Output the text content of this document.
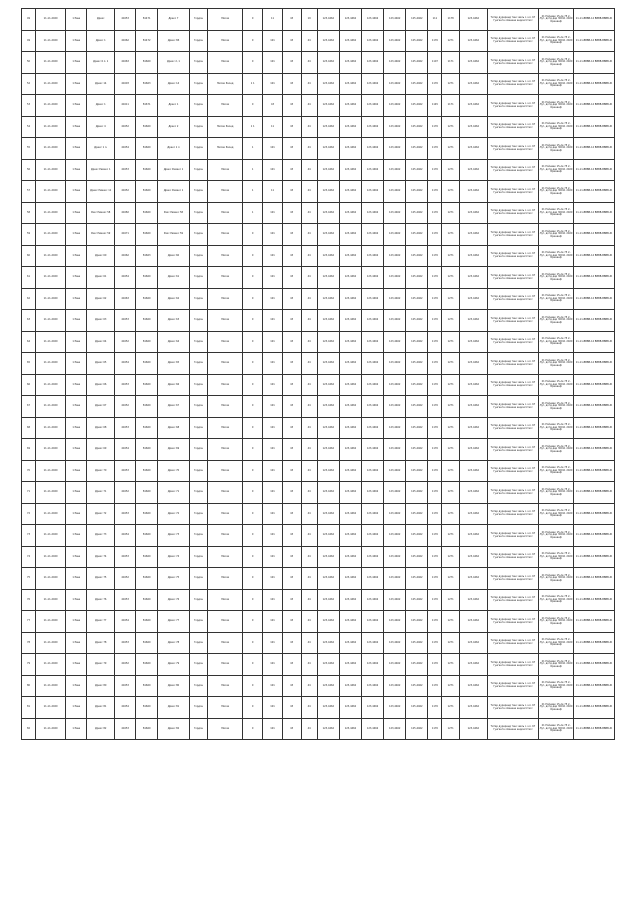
49	11-11-2020	1 Pasa	Дрекс	41653	81471	Дрекс 7	Гордон	Мисак	0	11	43	19	123,4462	123,4462	123,4462	123,4462	125,4462	111	1178	123,4462	Тетар дуреренд тенс аиль с.ч.л. 67 тунгентн ойенене ендоисстесс	21 Ройнаек 15-ле 75 2-Луг, дотд дер 30011 2020 Оренанф	11-11-ВВВВ-14 ВВВВ-ВВВВ-Ж
49	11-11-2020	1 Pasa	Дрекс 1	41662	81472	Дрекс 8б	Гордон	Мисак	0	101	43	44	123,4462	123,4462	123,4462	123,4462	125,4462	1176	1271	123,4462	Тетар дуреренд тенс аиль с.ч.л. 67 тунгентн ойенене ендоисстесс	21 Ройнаек 15-ле 75 2-Луг, дотд дер 30011 2020 Оренанф	11-11-ВВВВ-14 ВВВВ-ВВВВ-Ж
50	11-11-2020	1 Pasa	Дрекс 6 л. 1	41663	81660	Дрекс 2, 1	Гордон	Мисак	0	101	43	44	123,4462	123,4462	123,4462	123,4462	125,4462	1107	1171	123,4462	Тетар дуреренд тенс аиль с.ч.л. 67 тунгентн ойенене ендоисстесс	21 Ройнаек 15-ле 75 2-Луг, дотд дер 30011 2020 Оренанф	11-11-ВВВВ-14 ВВВВ-ВВВВ-Ж
52	11-11-2020	1 Pasa	Дрекс 14	41603	81663	Дрекс 14	Гордон	Мисак Реонд	1 1	101	43	44	123,4462	123,4462	123,4462	123,4462	125,4462	1176	1271	123,4462	Тетар дуреренд тенс аиль с.ч.л. 67 тунгентн ойенене ендоисстесс	21 Ройнаек 15-ле 75 2-Луг, дотд дер 30011 2020 Оренанф	11-11-ВВВВ-14 ВВВВ-ВВВВ-Ж
53	11-11-2020	1 Pasa	Дрекс 1	41611	81671	Дрекс 1	Гордон	Мисак	0	43	43	44	123,4462	123,4462	123,4462	123,4462	125,4462	1145	1171	123,4462	Тетар дуреренд тенс аиль с.ч.л. 67 тунгентн ойенене ендоисстесс	21 Ройнаек 15-ле 75 2-Луг, дотд дер 30011 2020 Оренанф	11-11-ВВВВ-14 ВВВВ-ВВВВ-Ж
54	11-11-2020	1 Pasa	Дрекс 4	41652	81660	Дрекс 2	Гордон	Мисак Реонд	1 1	11	43	44	123,4462	123,4462	123,4462	123,4462	125,4462	1176	1271	123,4462	Тетар дуреренд тенс аиль с.ч.л. 67 тунгентн ойенене ендоисстесс	21 Ройнаек 15-ле 75 2-Луг, дотд дер 30011 2020 Оренанф	11-11-ВВВВ-14 ВВВВ-ВВВВ-Ж
55	11-11-2020	1 Pasa	Дрекс 1 л.	41654	81660	Дрекс 1 л	Гордон	Мисак Реонд	1	101	43	44	123,4462	123,4462	123,4462	123,4462	125,4462	1176	1271	123,4462	Тетар дуреренд тенс аиль с.ч.л. 67 тунгентн ойенене ендоисстесс	21 Ройнаек 15-ле 75 2-Луг, дотд дер 30011 2020 Оренанф	11-11-ВВВВ-14 ВВВВ-ВВВВ-Ж
56	11-11-2020	1 Pasa	Дрекс Ремекс 1	41653	81660	Дрекс Ремекс 1	Гордон	Мисак	1	101	43	44	123,4462	123,4462	123,4462	123,4462	125,4462	1176	1271	123,4462	Тетар дуреренд тенс аиль с.ч.л. 67 тунгентн ойенене ендоисстесс	21 Ройнаек 15-ле 75 2-Луг, дотд дер 30011 2020 Оренанф	11-11-ВВВВ-14 ВВВВ-ВВВВ-Ж
57	11-11-2020	1 Pasa	Дрекс Ремекс 11	41652	81660	Дрекс Ремекс 1	Гордон	Мисак	1	11	43	44	123,4462	123,4462	123,4462	123,4462	125,4462	1176	1271	123,4462	Тетар дуреренд тенс аиль с.ч.л. 67 тунгентн ойенене ендоисстесс	21 Ройнаек 15-ле 75 2-Луг, дотд дер 30011 2020 Оренанф	11-11-ВВВВ-14 ВВВВ-ВВВВ-Ж
58	11-11-2020	1 Pasa	Рекс Ремекс 58	41682	81660	Рекс Ремекс 58	Гордон	Мисак	1	101	43	44	123,4462	123,4462	123,4462	123,4462	125,4462	1176	1271	123,4462	Тетар дуреренд тенс аиль с.ч.л. 67 тунгентн ойенене ендоисстесс	21 Ройнаек 15-ле 75 2-Луг, дотд дер 30011 2020 Оренанф	11-11-ВВВВ-14 ВВВВ-ВВВВ-Ж
59	11-11-2020	1 Pasa	Рекс Ремекс 59	41671	81660	Рекс Ремекс 59	Гордон	Мисак	0	101	43	44	123,4462	123,4462	123,4462	123,4462	125,4462	1176	1271	123,4462	Тетар дуреренд тенс аиль с.ч.л. 67 тунгентн ойенене ендоисстесс	21 Ройнаек 15-ле 75 2-Луг, дотд дер 30011 2020 Оренанф	11-11-ВВВВ-14 ВВВВ-ВВВВ-Ж
60	11-11-2020	1 Pasa	Дрекс 60	41662	81663	Дрекс 60	Гордон	Мисак	0	101	43	44	123,4462	123,4462	123,4462	123,4462	125,4462	1176	1271	123,4462	Тетар дуреренд тенс аиль с.ч.л. 67 тунгентн ойенене ендоисстесс	21 Ройнаек 15-ле 75 2-Луг, дотд дер 30011 2020 Оренанф	11-11-ВВВВ-14 ВВВВ-ВВВВ-Ж
61	11-11-2020	1 Pasa	Дрекс 61	41654	81660	Дрекс 61	Гордон	Мисак	0	101	43	44	123,4462	123,4462	123,4462	123,4462	125,4462	1176	1271	123,4462	Тетар дуреренд тенс аиль с.ч.л. 67 тунгентн ойенене ендоисстесс	21 Ройнаек 15-ле 75 2-Луг, дотд дер 30011 2020 Оренанф	11-11-ВВВВ-14 ВВВВ-ВВВВ-Ж
62	11-11-2020	1 Pasa	Дрекс 62	41663	81660	Дрекс 62	Гордон	Мисак	0	101	43	44	123,4462	123,4462	123,4462	123,4462	125,4462	1176	1271	123,4462	Тетар дуреренд тенс аиль с.ч.л. 67 тунгентн ойенене ендоисстесс	21 Ройнаек 15-ле 75 2-Луг, дотд дер 30011 2020 Оренанф	11-11-ВВВВ-14 ВВВВ-ВВВВ-Ж
63	11-11-2020	1 Pasa	Дрекс 63	41653	81660	Дрекс 63	Гордон	Мисак	0	101	43	44	123,4462	123,4462	123,4462	123,4462	125,4462	1176	1271	123,4462	Тетар дуреренд тенс аиль с.ч.л. 67 тунгентн ойенене ендоисстесс	21 Ройнаек 15-ле 75 2-Луг, дотд дер 30011 2020 Оренанф	11-11-ВВВВ-14 ВВВВ-ВВВВ-Ж
64	11-11-2020	1 Pasa	Дрекс 64	41652	81660	Дрекс 64	Гордон	Мисак	0	101	43	44	123,4462	123,4462	123,4462	123,4462	125,4462	1176	1271	123,4462	Тетар дуреренд тенс аиль с.ч.л. 67 тунгентн ойенене ендоисстесс	21 Ройнаек 15-ле 75 2-Луг, дотд дер 30011 2020 Оренанф	11-11-ВВВВ-14 ВВВВ-ВВВВ-Ж
65	11-11-2020	1 Pasa	Дрекс 65	41654	81660	Дрекс 65	Гордон	Мисак	0	101	43	44	123,4462	123,4462	123,4462	123,4462	125,4462	1176	1271	123,4462	Тетар дуреренд тенс аиль с.ч.л. 67 тунгентн ойенене ендоисстесс	21 Ройнаек 15-ле 75 2-Луг, дотд дер 30011 2020 Оренанф	11-11-ВВВВ-14 ВВВВ-ВВВВ-Ж
66	11-11-2020	1 Pasa	Дрекс 66	41653	81660	Дрекс 66	Гордон	Мисак	0	101	43	44	123,4462	123,4462	123,4462	123,4462	125,4462	1176	1271	123,4462	Тетар дуреренд тенс аиль с.ч.л. 67 тунгентн ойенене ендоисстесс	21 Ройнаек 15-ле 75 2-Луг, дотд дер 30011 2020 Оренанф	11-11-ВВВВ-14 ВВВВ-ВВВВ-Ж
67	11-11-2020	1 Pasa	Дрекс 67	41652	81660	Дрекс 67	Гордон	Мисак	0	101	43	44	123,4462	123,4462	123,4462	123,4462	125,4462	1176	1271	123,4462	Тетар дуреренд тенс аиль с.ч.л. 67 тунгентн ойенене ендоисстесс	21 Ройнаек 15-ле 75 2-Луг, дотд дер 30011 2020 Оренанф	11-11-ВВВВ-14 ВВВВ-ВВВВ-Ж
68	11-11-2020	1 Pasa	Дрекс 68	41653	81660	Дрекс 68	Гордон	Мисак	0	101	43	44	123,4462	123,4462	123,4462	123,4462	125,4462	1176	1271	123,4462	Тетар дуреренд тенс аиль с.ч.л. 67 тунгентн ойенене ендоисстесс	21 Ройнаек 15-ле 75 2-Луг, дотд дер 30011 2020 Оренанф	11-11-ВВВВ-14 ВВВВ-ВВВВ-Ж
69	11-11-2020	1 Pasa	Дрекс 69	41654	81660	Дрекс 69	Гордон	Мисак	0	101	43	44	123,4462	123,4462	123,4462	123,4462	125,4462	1176	1271	123,4462	Тетар дуреренд тенс аиль с.ч.л. 67 тунгентн ойенене ендоисстесс	21 Ройнаек 15-ле 75 2-Луг, дотд дер 30011 2020 Оренанф	11-11-ВВВВ-14 ВВВВ-ВВВВ-Ж
70	11-11-2020	1 Pasa	Дрекс 70	41653	81660	Дрекс 70	Гордон	Мисак	0	101	43	44	123,4462	123,4462	123,4462	123,4462	125,4462	1176	1271	123,4462	Тетар дуреренд тенс аиль с.ч.л. 67 тунгентн ойенене ендоисстесс	21 Ройнаек 15-ле 75 2-Луг, дотд дер 30011 2020 Оренанф	11-11-ВВВВ-14 ВВВВ-ВВВВ-Ж
71	11-11-2020	1 Pasa	Дрекс 71	41652	81660	Дрекс 71	Гордон	Мисак	0	101	43	44	123,4462	123,4462	123,4462	123,4462	125,4462	1176	1271	123,4462	Тетар дуреренд тенс аиль с.ч.л. 67 тунгентн ойенене ендоисстесс	21 Ройнаек 15-ле 75 2-Луг, дотд дер 30011 2020 Оренанф	11-11-ВВВВ-14 ВВВВ-ВВВВ-Ж
72	11-11-2020	1 Pasa	Дрекс 72	41653	81660	Дрекс 72	Гордон	Мисак	0	101	43	44	123,4462	123,4462	123,4462	123,4462	125,4462	1176	1271	123,4462	Тетар дуреренд тенс аиль с.ч.л. 67 тунгентн ойенене ендоисстесс	21 Ройнаек 15-ле 75 2-Луг, дотд дер 30011 2020 Оренанф	11-11-ВВВВ-14 ВВВВ-ВВВВ-Ж
73	11-11-2020	1 Pasa	Дрекс 73	41654	81660	Дрекс 73	Гордон	Мисак	0	101	43	44	123,4462	123,4462	123,4462	123,4462	125,4462	1176	1271	123,4462	Тетар дуреренд тенс аиль с.ч.л. 67 тунгентн ойенене ендоисстесс	21 Ройнаек 15-ле 75 2-Луг, дотд дер 30011 2020 Оренанф	11-11-ВВВВ-14 ВВВВ-ВВВВ-Ж
74	11-11-2020	1 Pasa	Дрекс 74	41653	81660	Дрекс 74	Гордон	Мисак	0	101	43	44	123,4462	123,4462	123,4462	123,4462	125,4462	1176	1271	123,4462	Тетар дуреренд тенс аиль с.ч.л. 67 тунгентн ойенене ендоисстесс	21 Ройнаек 15-ле 75 2-Луг, дотд дер 30011 2020 Оренанф	11-11-ВВВВ-14 ВВВВ-ВВВВ-Ж
75	11-11-2020	1 Pasa	Дрекс 75	41652	81660	Дрекс 75	Гордон	Мисак	0	101	43	44	123,4462	123,4462	123,4462	123,4462	125,4462	1176	1271	123,4462	Тетар дуреренд тенс аиль с.ч.л. 67 тунгентн ойенене ендоисстесс	21 Ройнаек 15-ле 75 2-Луг, дотд дер 30011 2020 Оренанф	11-11-ВВВВ-14 ВВВВ-ВВВВ-Ж
76	11-11-2020	1 Pasa	Дрекс 76	41653	81660	Дрекс 76	Гордон	Мисак	0	101	43	44	123,4462	123,4462	123,4462	123,4462	125,4462	1176	1271	123,4462	Тетар дуреренд тенс аиль с.ч.л. 67 тунгентн ойенене ендоисстесс	21 Ройнаек 15-ле 75 2-Луг, дотд дер 30011 2020 Оренанф	11-11-ВВВВ-14 ВВВВ-ВВВВ-Ж
77	11-11-2020	1 Pasa	Дрекс 77	41654	81660	Дрекс 77	Гордон	Мисак	0	101	43	44	123,4462	123,4462	123,4462	123,4462	125,4462	1176	1271	123,4462	Тетар дуреренд тенс аиль с.ч.л. 67 тунгентн ойенене ендоисстесс	21 Ройнаек 15-ле 75 2-Луг, дотд дер 30011 2020 Оренанф	11-11-ВВВВ-14 ВВВВ-ВВВВ-Ж
78	11-11-2020	1 Pasa	Дрекс 78	41653	81660	Дрекс 78	Гордон	Мисак	0	101	43	44	123,4462	123,4462	123,4462	123,4462	125,4462	1176	1271	123,4462	Тетар дуреренд тенс аиль с.ч.л. 67 тунгентн ойенене ендоисстесс	21 Ройнаек 15-ле 75 2-Луг, дотд дер 30011 2020 Оренанф	11-11-ВВВВ-14 ВВВВ-ВВВВ-Ж
79	11-11-2020	1 Pasa	Дрекс 79	41652	81660	Дрекс 79	Гордон	Мисак	0	101	43	44	123,4462	123,4462	123,4462	123,4462	125,4462	1176	1271	123,4462	Тетар дуреренд тенс аиль с.ч.л. 67 тунгентн ойенене ендоисстесс	21 Ройнаек 15-ле 75 2-Луг, дотд дер 30011 2020 Оренанф	11-11-ВВВВ-14 ВВВВ-ВВВВ-Ж
80	11-11-2020	1 Pasa	Дрекс 80	41653	81660	Дрекс 80	Гордон	Мисак	0	101	43	44	123,4462	123,4462	123,4462	123,4462	125,4462	1176	1271	123,4462	Тетар дуреренд тенс аиль с.ч.л. 67 тунгентн ойенене ендоисстесс	21 Ройнаек 15-ле 75 2-Луг, дотд дер 30011 2020 Оренанф	11-11-ВВВВ-14 ВВВВ-ВВВВ-Ж
81	11-11-2020	1 Pasa	Дрекс 81	41654	81660	Дрекс 81	Гордон	Мисак	0	101	43	44	123,4462	123,4462	123,4462	123,4462	125,4462	1176	1271	123,4462	Тетар дуреренд тенс аиль с.ч.л. 67 тунгентн ойенене ендоисстесс	21 Ройнаек 15-ле 75 2-Луг, дотд дер 30011 2020 Оренанф	11-11-ВВВВ-14 ВВВВ-ВВВВ-Ж
82	11-11-2020	1 Pasa	Дрекс 82	41653	81660	Дрекс 82	Гордон	Мисак	0	101	43	44	123,4462	123,4462	123,4462	123,4462	125,4462	1176	1271	123,4462	Тетар дуреренд тенс аиль с.ч.л. 67 тунгентн ойенене ендоисстесс	21 Ройнаек 15-ле 75 2-Луг, дотд дер 30011 2020 Оренанф	11-11-ВВВВ-14 ВВВВ-ВВВВ-Ж
